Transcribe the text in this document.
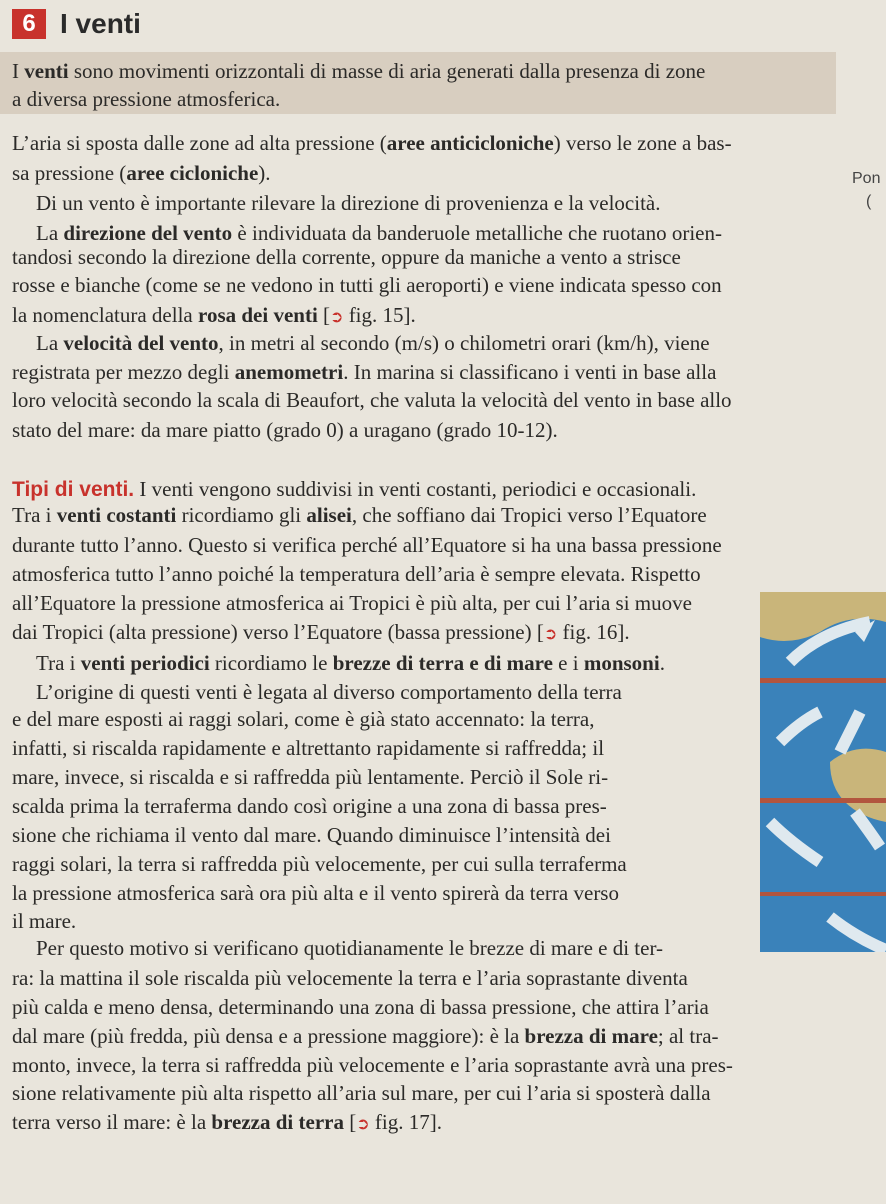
6 I venti
Pon
(
I venti sono movimenti orizzontali di masse di aria generati dalla presenza di zone
a diversa pressione atmosferica.
L’aria si sposta dalle zone ad alta pressione (aree anticicloniche) verso le zone a bas-
sa pressione (aree cicloniche).
Di un vento è importante rilevare la direzione di provenienza e la velocità.
La direzione del vento è individuata da banderuole metalliche che ruotano orien-
tandosi secondo la direzione della corrente, oppure da maniche a vento a strisce
rosse e bianche (come se ne vedono in tutti gli aeroporti) e viene indicata spesso con
la nomenclatura della rosa dei venti [➲ fig. 15].
La velocità del vento, in metri al secondo (m/s) o chilometri orari (km/h), viene
registrata per mezzo degli anemometri. In marina si classificano i venti in base alla
loro velocità secondo la scala di Beaufort, che valuta la velocità del vento in base allo
stato del mare: da mare piatto (grado 0) a uragano (grado 10-12).
Tipi di venti. I venti vengono suddivisi in venti costanti, periodici e occasionali.
Tra i venti costanti ricordiamo gli alisei, che soffiano dai Tropici verso l’Equatore
durante tutto l’anno. Questo si verifica perché all’Equatore si ha una bassa pressione
atmosferica tutto l’anno poiché la temperatura dell’aria è sempre elevata. Rispetto
all’Equatore la pressione atmosferica ai Tropici è più alta, per cui l’aria si muove
dai Tropici (alta pressione) verso l’Equatore (bassa pressione) [➲ fig. 16].
Tra i venti periodici ricordiamo le brezze di terra e di mare e i monsoni.
L’origine di questi venti è legata al diverso comportamento della terra
e del mare esposti ai raggi solari, come è già stato accennato: la terra,
infatti, si riscalda rapidamente e altrettanto rapidamente si raffredda; il
mare, invece, si riscalda e si raffredda più lentamente. Perciò il Sole ri-
scalda prima la terraferma dando così origine a una zona di bassa pres-
sione che richiama il vento dal mare. Quando diminuisce l’intensità dei
raggi solari, la terra si raffredda più velocemente, per cui sulla terraferma
la pressione atmosferica sarà ora più alta e il vento spirerà da terra verso
il mare.
Per questo motivo si verificano quotidianamente le brezze di mare e di ter-
ra: la mattina il sole riscalda più velocemente la terra e l’aria soprastante diventa
più calda e meno densa, determinando una zona di bassa pressione, che attira l’aria
dal mare (più fredda, più densa e a pressione maggiore): è la brezza di mare; al tra-
monto, invece, la terra si raffredda più velocemente e l’aria soprastante avrà una pres-
sione relativamente più alta rispetto all’aria sul mare, per cui l’aria si sposterà dalla
terra verso il mare: è la brezza di terra [➲ fig. 17].
